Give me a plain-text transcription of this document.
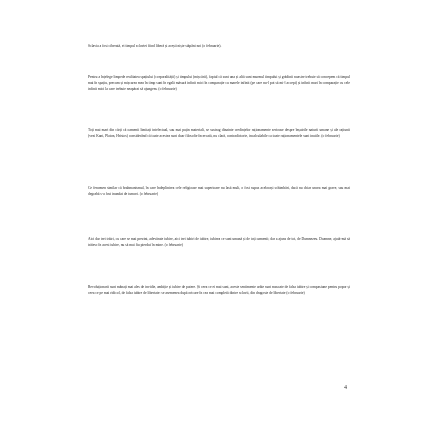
Sclavia a fost ciberată, ei timpul sclaviei fiind liberă și acești niște stăpâni noi (o februarie).

Pentru a înțelege limpede realitatea spațiului (corporalității) și timpului (mișcării), faptul că sunt una și altă sunt murmul timpului și grădinii noastre trebuie să concepem că timpul mai în spațiu, precum și mișcarea mea în timp sunt în egală măsură infinit mici în comparație cu marele infinit (pe care nu-l pot să mi-l accept) și infinit mari în comparație cu cele infinit mici la care trebuie neapărat să ajungem. (o februarie)

Toți mai mari din cărți că oamenii limitați intelectual, sau mai puțin materiali, se sustrag dinainte credințelor raționamente serioase despre înșuirile naturii umane și ale rațiunii (vezi Kant, Platon, Hristos) considerând că toate acestea sunt doar filosofie încercată, nu clară, contradictorie, incalculabile ca toate raționamentele sunt inutile. (o februarie)

Ce fenomen similar că brahmanismul, în care îndeplinirea cele religioase mai superioare nu lasă mult, o fost supus acelorași schimbări, dacă nu chiar unora mai grave, sau mai degrabă s-a fost inundat de tumori. (o februarie)

Aici dar trei trăiri, cu care se mai prezint, adevărate iubire, aici trei iubiri de iubire, iubirea ce sunt umană și de toți oamenii; dar a ajuns de tot, de Dumnezeu. Doamne, ajută-mă să trăiesc în acest iubire, nu să mai fiu pierdut în mine. (o februarie)

Revoluționarii sunt mânați mai ales de invidie, ambiție și iubire de putere. Și ceea ce ei mai sunt, aceste sentimente urâte sunt mascate de falsa iubire și compasiune pentru popor și ceea ce pe mai ridicol, de falsa iubire de libertate: se asemenea după oricare în cea mai completă dintre sclavii, din dragoste de libertate (o februarie)

4
